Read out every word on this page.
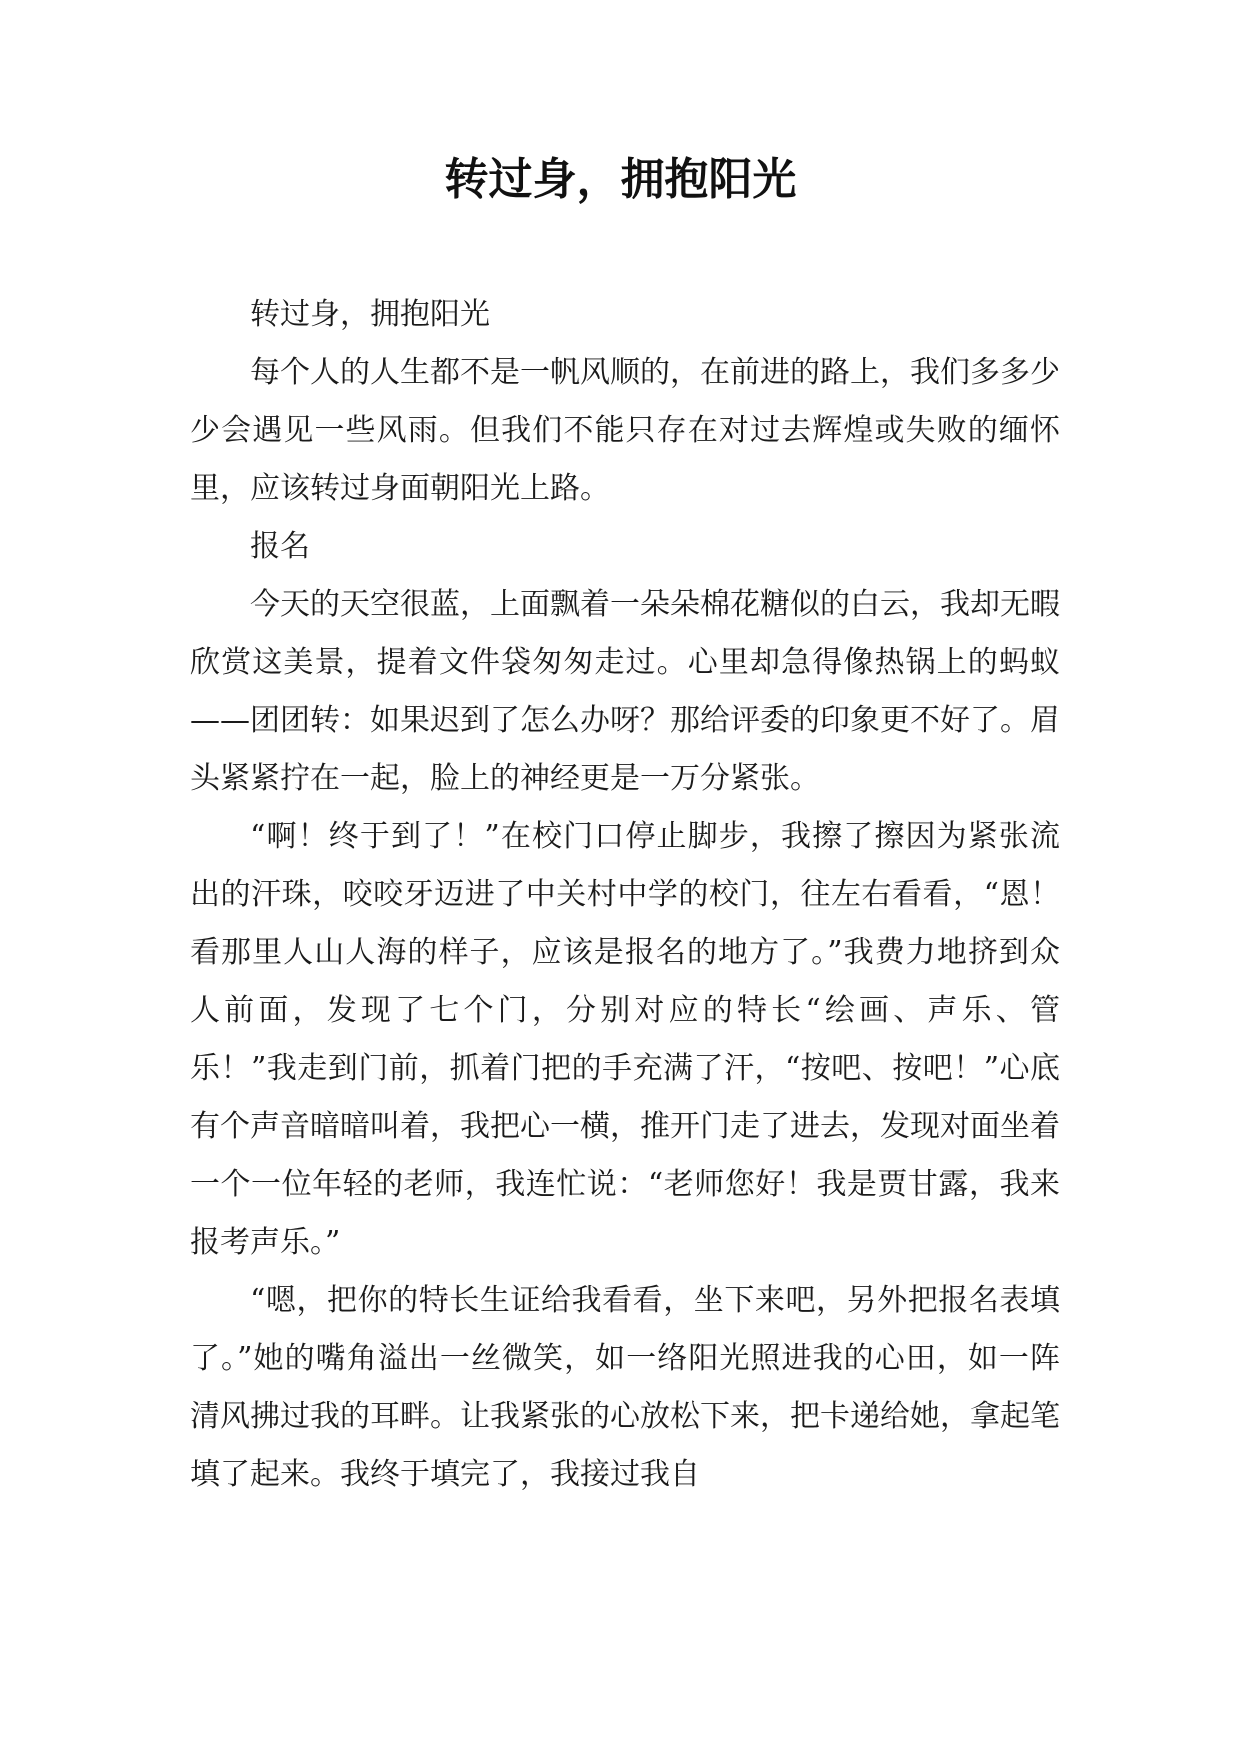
转过身，拥抱阳光

转过身，拥抱阳光

每个人的人生都不是一帆风顺的，在前进的路上，我们多多少少会遇见一些风雨。但我们不能只存在对过去辉煌或失败的缅怀里，应该转过身面朝阳光上路。

报名

今天的天空很蓝，上面飘着一朵朵棉花糖似的白云，我却无暇欣赏这美景，提着文件袋匆匆走过。心里却急得像热锅上的蚂蚁——团团转：如果迟到了怎么办呀？那给评委的印象更不好了。眉头紧紧拧在一起，脸上的神经更是一万分紧张。

“啊！终于到了！”在校门口停止脚步，我擦了擦因为紧张流出的汗珠，咬咬牙迈进了中关村中学的校门，往左右看看，“恩！看那里人山人海的样子，应该是报名的地方了。”我费力地挤到众人前面，发现了七个门，分别对应的特长“绘画、声乐、管乐！”我走到门前，抓着门把的手充满了汗，“按吧、按吧！”心底有个声音暗暗叫着，我把心一横，推开门走了进去，发现对面坐着一个一位年轻的老师，我连忙说：“老师您好！我是贾甘露，我来报考声乐。”

“嗯，把你的特长生证给我看看，坐下来吧，另外把报名表填了。”她的嘴角溢出一丝微笑，如一络阳光照进我的心田，如一阵清风拂过我的耳畔。让我紧张的心放松下来，把卡递给她，拿起笔填了起来。我终于填完了，我接过我自
